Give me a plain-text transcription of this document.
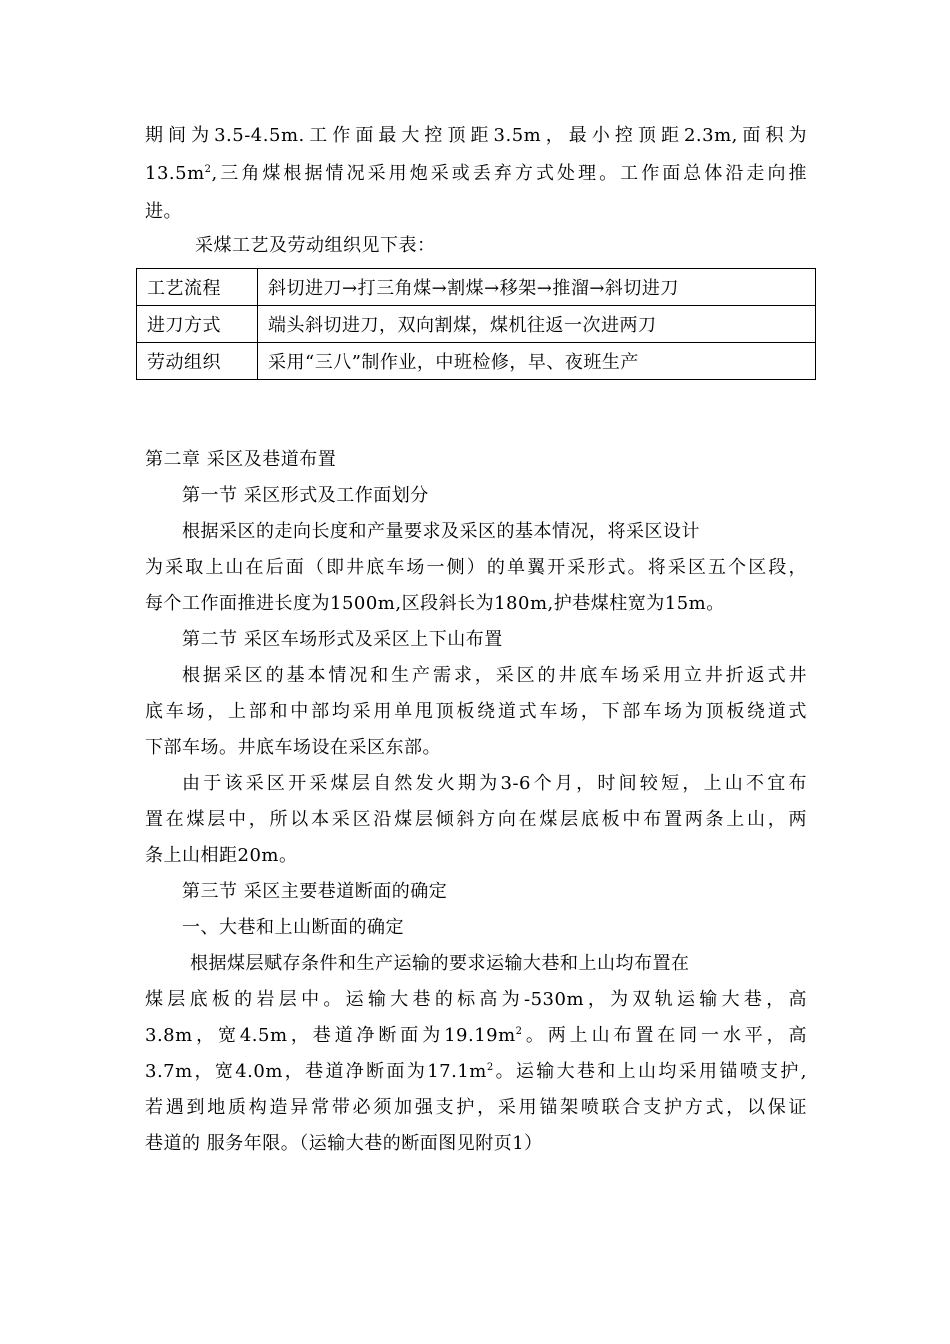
期间为3.5-4.5m.工作面最大控顶距3.5m，最小控顶距2.3m,面积为
$13.5m^2$,三角煤根据情况采用炮采或丢弃方式处理。工作面总体沿走向推
进。
采煤工艺及劳动组织见下表：
工艺流程	斜切进刀→打三角煤→割煤→移架→推溜→斜切进刀
进刀方式	端头斜切进刀，双向割煤，煤机往返一次进两刀
劳动组织	采用“三八”制作业，中班检修，早、夜班生产
第二章 采区及巷道布置
第一节 采区形式及工作面划分
根据采区的走向长度和产量要求及采区的基本情况，将采区设计
为采取上山在后面（即井底车场一侧）的单翼开采形式。将采区五个区段，
每个工作面推进长度为1500m,区段斜长为180m,护巷煤柱宽为15m。
第二节 采区车场形式及采区上下山布置
根据采区的基本情况和生产需求，采区的井底车场采用立井折返式井
底车场，上部和中部均采用单甩顶板绕道式车场，下部车场为顶板绕道式
下部车场。井底车场设在采区东部。
由于该采区开采煤层自然发火期为3-6个月，时间较短，上山不宜布
置在煤层中，所以本采区沿煤层倾斜方向在煤层底板中布置两条上山，两
条上山相距20m。
第三节 采区主要巷道断面的确定
一、大巷和上山断面的确定
根据煤层赋存条件和生产运输的要求运输大巷和上山均布置在
煤层底板的岩层中。运输大巷的标高为-530m，为双轨运输大巷，高
3.8m，宽4.5m，巷道净断面为$19.19m^2$。两上山布置在同一水平，高
3.7m，宽4.0m，巷道净断面为$17.1m^2$。运输大巷和上山均采用锚喷支护,
若遇到地质构造异常带必须加强支护，采用锚架喷联合支护方式，以保证
巷道的 服务年限。（运输大巷的断面图见附页1）
